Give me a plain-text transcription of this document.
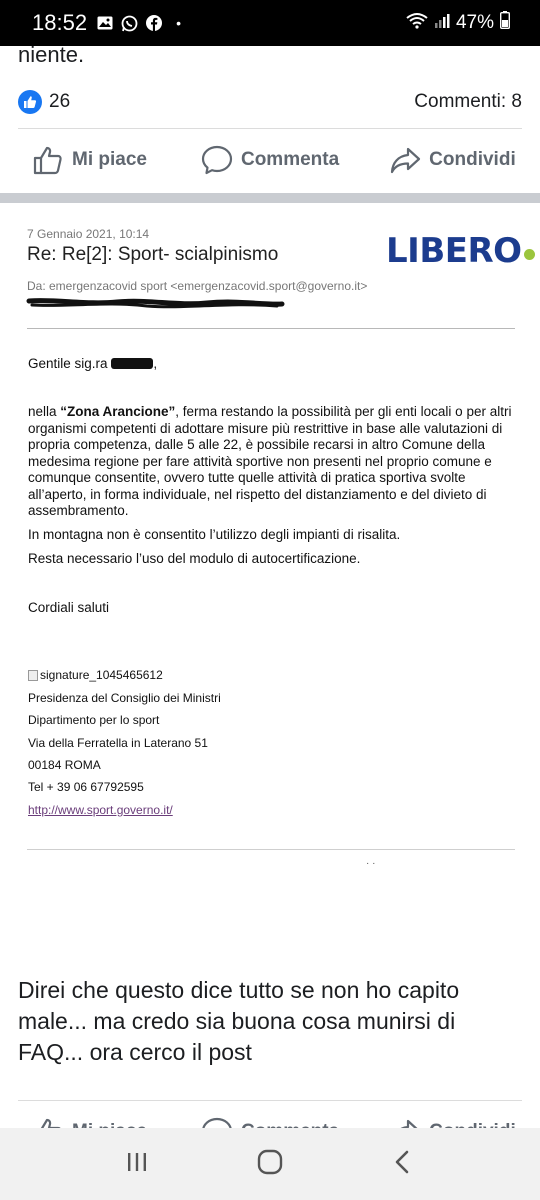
18:52	•	47%
niente.
26	Commenti: 8
Mi piace	Commenta	Condividi
7 Gennaio 2021, 10:14
Re: Re[2]: Sport- scialpinismo	LIBERO
Da: emergenzacovid sport <emergenzacovid.sport@governo.it>
Gentile sig.ra	,
nella “Zona Arancione”, ferma restando la possibilità per gli enti locali o per altri organismi competenti di adottare misure più restrittive in base alle valutazioni di propria competenza, dalle 5 alle 22, è possibile recarsi in altro Comune della medesima regione per fare attività sportive non presenti nel proprio comune e comunque consentite, ovvero tutte quelle attività di pratica sportiva svolte all’aperto, in forma individuale, nel rispetto del distanziamento e del divieto di assembramento.
In montagna non è consentito l’utilizzo degli impianti di risalita.
Resta necessario l’uso del modulo di autocertificazione.
Cordiali saluti
signature_1045465612
Presidenza del Consiglio dei Ministri
Dipartimento per lo sport
Via della Ferratella in Laterano 51
00184 ROMA
Tel + 39 06 67792595
http://www.sport.governo.it/
· ·
Direi che questo dice tutto se non ho capito male... ma credo sia buona cosa munirsi di FAQ... ora cerco il post
